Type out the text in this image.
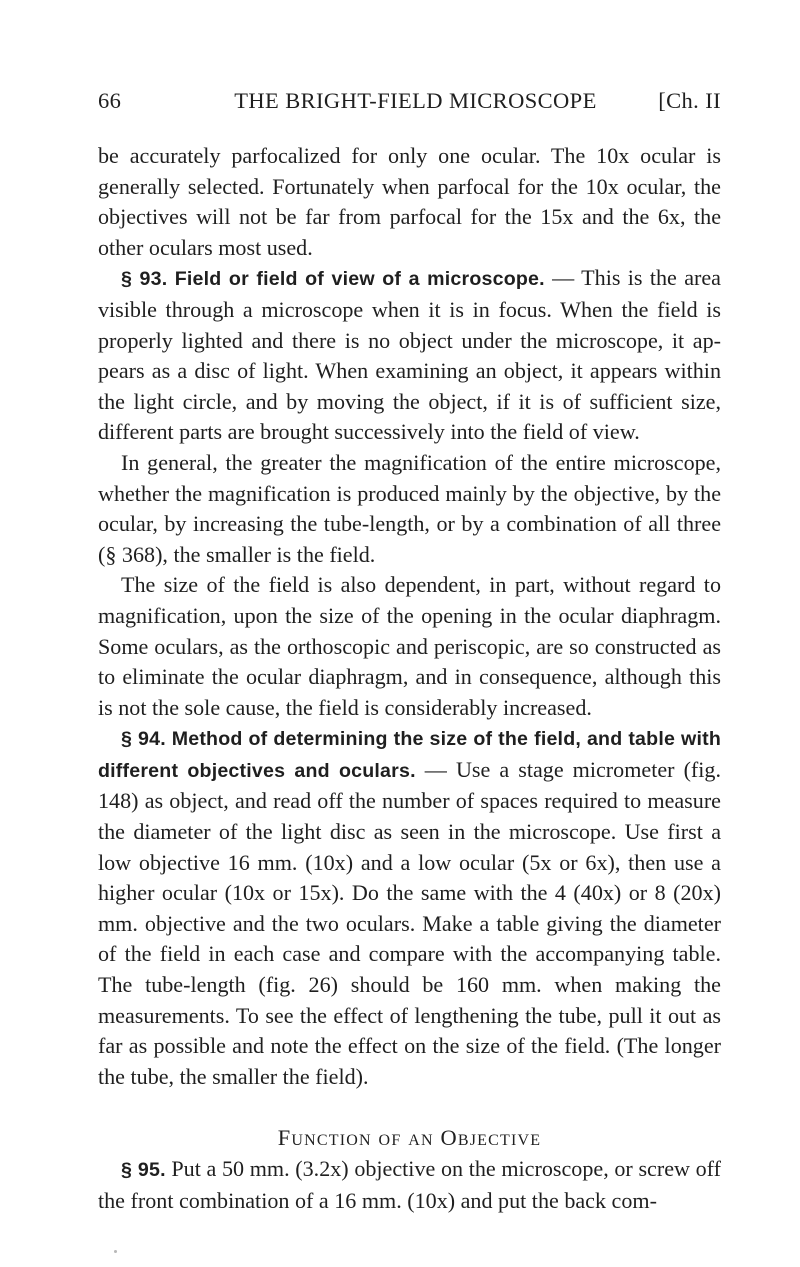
66	THE BRIGHT-FIELD MICROSCOPE	[Ch. II

be accurately parfocalized for only one ocular. The 10x ocular is generally selected. Fortunately when parfocal for the 10x ocular, the objectives will not be far from parfocal for the 15x and the 6x, the other oculars most used.

§ 93. Field or field of view of a microscope. — This is the area visible through a microscope when it is in focus. When the field is properly lighted and there is no object under the microscope, it appears as a disc of light. When examining an object, it appears within the light circle, and by moving the object, if it is of sufficient size, different parts are brought successively into the field of view.

In general, the greater the magnification of the entire microscope, whether the magnification is produced mainly by the objective, by the ocular, by increasing the tube-length, or by a combination of all three (§ 368), the smaller is the field.

The size of the field is also dependent, in part, without regard to magnification, upon the size of the opening in the ocular diaphragm. Some oculars, as the orthoscopic and periscopic, are so constructed as to eliminate the ocular diaphragm, and in consequence, although this is not the sole cause, the field is considerably increased.

§ 94. Method of determining the size of the field, and table with different objectives and oculars. — Use a stage micrometer (fig. 148) as object, and read off the number of spaces required to measure the diameter of the light disc as seen in the microscope. Use first a low objective 16 mm. (10x) and a low ocular (5x or 6x), then use a higher ocular (10x or 15x). Do the same with the 4 (40x) or 8 (20x) mm. objective and the two oculars. Make a table giving the diameter of the field in each case and compare with the accompanying table. The tube-length (fig. 26) should be 160 mm. when making the measurements. To see the effect of lengthening the tube, pull it out as far as possible and note the effect on the size of the field. (The longer the tube, the smaller the field).

Function of an Objective

§ 95. Put a 50 mm. (3.2x) objective on the microscope, or screw off the front combination of a 16 mm. (10x) and put the back com-
